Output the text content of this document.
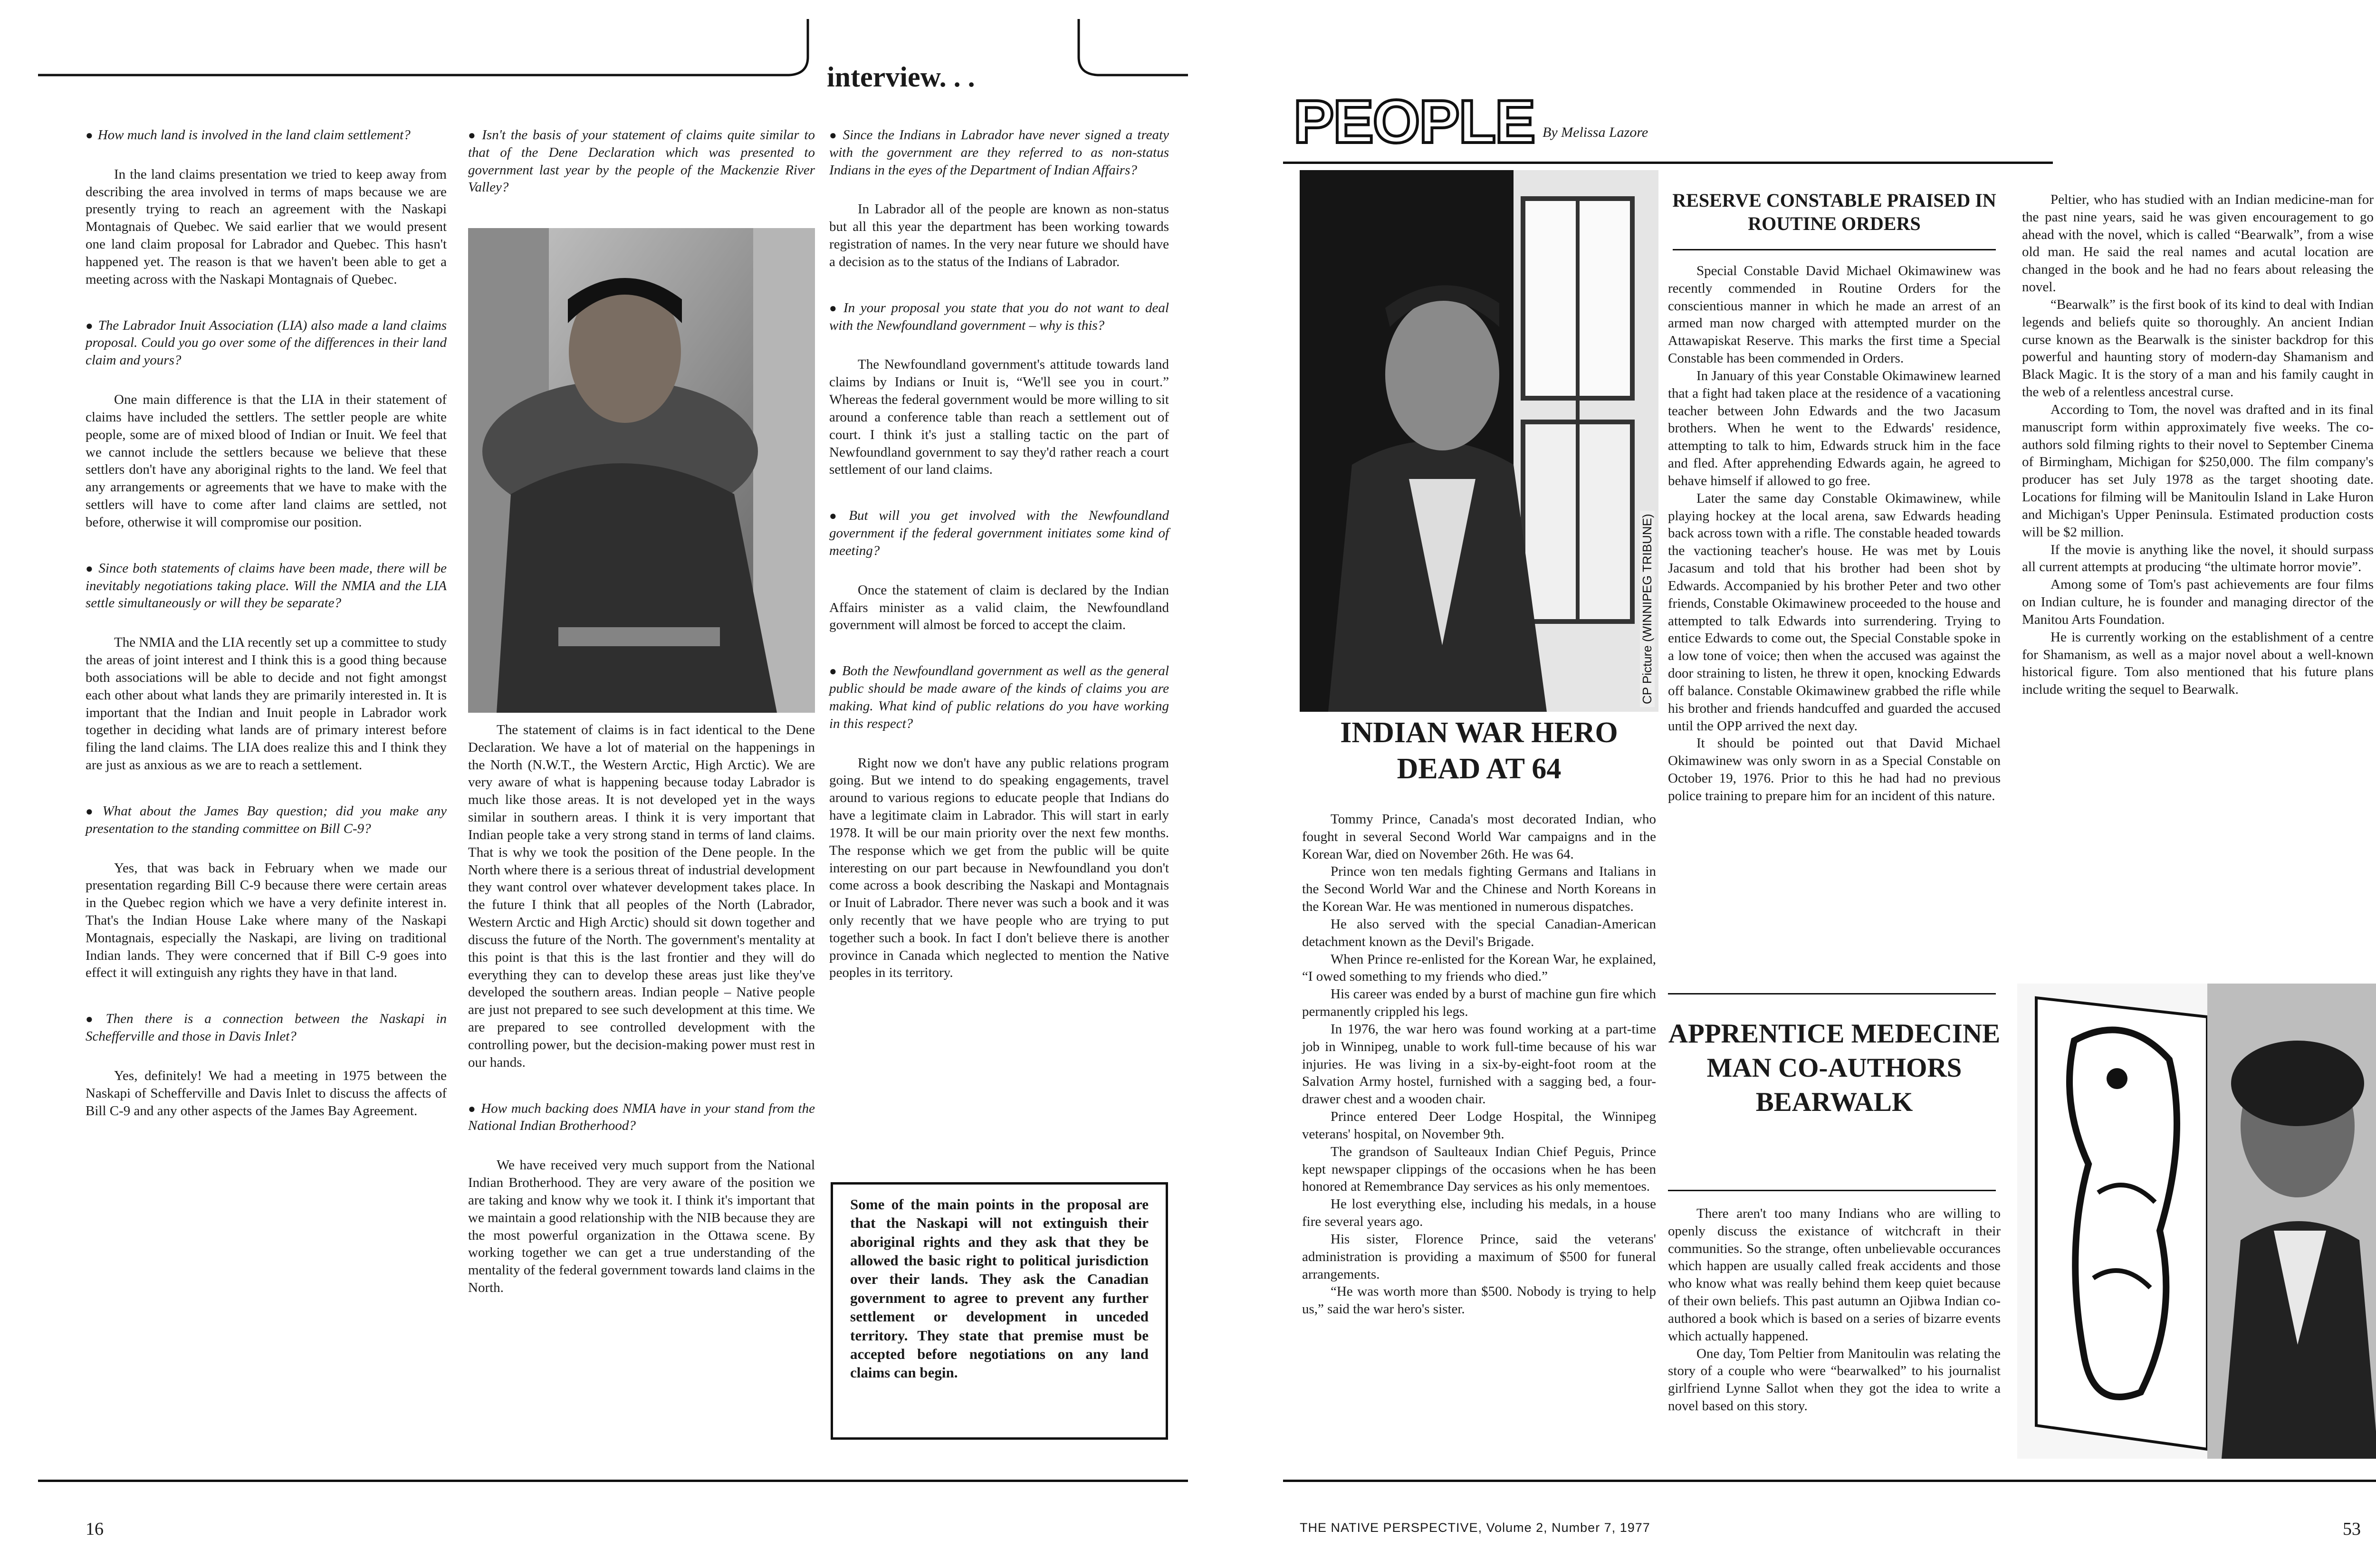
interview. . .

● How much land is involved in the land claim settlement?

In the land claims presentation we tried to keep away from describing the area involved in terms of maps because we are presently trying to reach an agreement with the Naskapi Montagnais of Quebec. We said earlier that we would present one land claim proposal for Labrador and Quebec. This hasn't happened yet. The reason is that we haven't been able to get a meeting across with the Naskapi Montagnais of Quebec.

● The Labrador Inuit Association (LIA) also made a land claims proposal. Could you go over some of the differences in their land claim and yours?

One main difference is that the LIA in their statement of claims have included the settlers. The settler people are white people, some are of mixed blood of Indian or Inuit. We feel that we cannot include the settlers because we believe that these settlers don't have any aboriginal rights to the land. We feel that any arrangements or agreements that we have to make with the settlers will have to come after land claims are settled, not before, otherwise it will compromise our position.

● Since both statements of claims have been made, there will be inevitably negotiations taking place. Will the NMIA and the LIA settle simultaneously or will they be separate?

The NMIA and the LIA recently set up a committee to study the areas of joint interest and I think this is a good thing because both associations will be able to decide and not fight amongst each other about what lands they are primarily interested in. It is important that the Indian and Inuit people in Labrador work together in deciding what lands are of primary interest before filing the land claims. The LIA does realize this and I think they are just as anxious as we are to reach a settlement.

● What about the James Bay question; did you make any presentation to the standing committee on Bill C-9?

Yes, that was back in February when we made our presentation regarding Bill C-9 because there were certain areas in the Quebec region which we have a very definite interest in. That's the Indian House Lake where many of the Naskapi Montagnais, especially the Naskapi, are living on traditional Indian lands. They were concerned that if Bill C-9 goes into effect it will extinguish any rights they have in that land.

● Then there is a connection between the Naskapi in Schefferville and those in Davis Inlet?

Yes, definitely! We had a meeting in 1975 between the Naskapi of Schefferville and Davis Inlet to discuss the affects of Bill C-9 and any other aspects of the James Bay Agreement.

● Isn't the basis of your statement of claims quite similar to that of the Dene Declaration which was presented to government last year by the people of the Mackenzie River Valley?

The statement of claims is in fact identical to the Dene Declaration. We have a lot of material on the happenings in the North (N.W.T., the Western Arctic, High Arctic). We are very aware of what is happening because today Labrador is much like those areas. It is not developed yet in the ways similar in southern areas. I think it is very important that Indian people take a very strong stand in terms of land claims. That is why we took the position of the Dene people. In the North where there is a serious threat of industrial development they want control over whatever development takes place. In the future I think that all peoples of the North (Labrador, Western Arctic and High Arctic) should sit down together and discuss the future of the North. The government's mentality at this point is that this is the last frontier and they will do everything they can to develop these areas just like they've developed the southern areas. Indian people – Native people are just not prepared to see such development at this time. We are prepared to see controlled development with the controlling power, but the decision-making power must rest in our hands.

● How much backing does NMIA have in your stand from the National Indian Brotherhood?

We have received very much support from the National Indian Brotherhood. They are very aware of the position we are taking and know why we took it. I think it's important that we maintain a good relationship with the NIB because they are the most powerful organization in the Ottawa scene. By working together we can get a true understanding of the mentality of the federal government towards land claims in the North.

● Since the Indians in Labrador have never signed a treaty with the government are they referred to as non-status Indians in the eyes of the Department of Indian Affairs?

In Labrador all of the people are known as non-status but all this year the department has been working towards registration of names. In the very near future we should have a decision as to the status of the Indians of Labrador.

● In your proposal you state that you do not want to deal with the Newfoundland government – why is this?

The Newfoundland government's attitude towards land claims by Indians or Inuit is, “We'll see you in court.” Whereas the federal government would be more willing to sit around a conference table than reach a settlement out of court. I think it's just a stalling tactic on the part of Newfoundland government to say they'd rather reach a court settlement of our land claims.

● But will you get involved with the Newfoundland government if the federal government initiates some kind of meeting?

Once the statement of claim is declared by the Indian Affairs minister as a valid claim, the Newfoundland government will almost be forced to accept the claim.

● Both the Newfoundland government as well as the general public should be made aware of the kinds of claims you are making. What kind of public relations do you have working in this respect?

Right now we don't have any public relations program going. But we intend to do speaking engagements, travel around to various regions to educate people that Indians do have a legitimate claim in Labrador. This will start in early 1978. It will be our main priority over the next few months. The response which we get from the public will be quite interesting on our part because in Newfoundland you don't come across a book describing the Naskapi and Montagnais or Inuit of Labrador. There never was such a book and it was only recently that we have people who are trying to put together such a book. In fact I don't believe there is another province in Canada which neglected to mention the Native peoples in its territory.

Some of the main points in the proposal are that the Naskapi will not extinguish their aboriginal rights and they ask that they be allowed the basic right to political jurisdiction over their lands. They ask the Canadian government to agree to prevent any further settlement or development in unceded territory. They state that premise must be accepted before negotiations on any land claims can begin.
16
PEOPLE By Melissa Lazore
CP Picture (WINNIPEG TRIBUNE)
INDIAN WAR HERO DEAD AT 64

Tommy Prince, Canada's most decorated Indian, who fought in several Second World War campaigns and in the Korean War, died on November 26th. He was 64.

Prince won ten medals fighting Germans and Italians in the Second World War and the Chinese and North Koreans in the Korean War. He was mentioned in numerous dispatches.

He also served with the special Canadian-American detachment known as the Devil's Brigade.

When Prince re-enlisted for the Korean War, he explained, “I owed something to my friends who died.”

His career was ended by a burst of machine gun fire which permanently crippled his legs.

In 1976, the war hero was found working at a part-time job in Winnipeg, unable to work full-time because of his war injuries. He was living in a six-by-eight-foot room at the Salvation Army hostel, furnished with a sagging bed, a four-drawer chest and a wooden chair.

Prince entered Deer Lodge Hospital, the Winnipeg veterans' hospital, on November 9th.

The grandson of Saulteaux Indian Chief Peguis, Prince kept newspaper clippings of the occasions when he has been honored at Remembrance Day services as his only mementoes.

He lost everything else, including his medals, in a house fire several years ago.

His sister, Florence Prince, said the veterans' administration is providing a maximum of $500 for funeral arrangements.

“He was worth more than $500. Nobody is trying to help us,” said the war hero's sister.

RESERVE CONSTABLE PRAISED IN ROUTINE ORDERS

Special Constable David Michael Okimawinew was recently commended in Routine Orders for the conscientious manner in which he made an arrest of an armed man now charged with attempted murder on the Attawapiskat Reserve. This marks the first time a Special Constable has been commended in Orders.

In January of this year Constable Okimawinew learned that a fight had taken place at the residence of a vacationing teacher between John Edwards and the two Jacasum brothers. When he went to the Edwards' residence, attempting to talk to him, Edwards struck him in the face and fled. After apprehending Edwards again, he agreed to behave himself if allowed to go free.

Later the same day Constable Okimawinew, while playing hockey at the local arena, saw Edwards heading back across town with a rifle. The constable headed towards the vactioning teacher's house. He was met by Louis Jacasum and told that his brother had been shot by Edwards. Accompanied by his brother Peter and two other friends, Constable Okimawinew proceeded to the house and attempted to talk Edwards into surrendering. Trying to entice Edwards to come out, the Special Constable spoke in a low tone of voice; then when the accused was against the door straining to listen, he threw it open, knocking Edwards off balance. Constable Okimawinew grabbed the rifle while his brother and friends handcuffed and guarded the accused until the OPP arrived the next day.

It should be pointed out that David Michael Okimawinew was only sworn in as a Special Constable on October 19, 1976. Prior to this he had had no previous police training to prepare him for an incident of this nature.

APPRENTICE MEDECINE MAN CO-AUTHORS BEARWALK

There aren't too many Indians who are willing to openly discuss the existance of witchcraft in their communities. So the strange, often unbelievable occurances which happen are usually called freak accidents and those who know what was really behind them keep quiet because of their own beliefs. This past autumn an Ojibwa Indian co-authored a book which is based on a series of bizarre events which actually happened.

One day, Tom Peltier from Manitoulin was relating the story of a couple who were “bearwalked” to his journalist girlfriend Lynne Sallot when they got the idea to write a novel based on this story.

Peltier, who has studied with an Indian medicine-man for the past nine years, said he was given encouragement to go ahead with the novel, which is called “Bearwalk”, from a wise old man. He said the real names and acutal location are changed in the book and he had no fears about releasing the novel.

“Bearwalk” is the first book of its kind to deal with Indian legends and beliefs quite so thoroughly. An ancient Indian curse known as the Bearwalk is the sinister backdrop for this powerful and haunting story of modern-day Shamanism and Black Magic. It is the story of a man and his family caught in the web of a relentless ancestral curse.

According to Tom, the novel was drafted and in its final manuscript form within approximately five weeks. The co-authors sold filming rights to their novel to September Cinema of Birmingham, Michigan for $250,000. The film company's producer has set July 1978 as the target shooting date. Locations for filming will be Manitoulin Island in Lake Huron and Michigan's Upper Peninsula. Estimated production costs will be $2 million.

If the movie is anything like the novel, it should surpass all current attempts at producing “the ultimate horror movie”.

Among some of Tom's past achievements are four films on Indian culture, he is founder and managing director of the Manitou Arts Foundation.

He is currently working on the establishment of a centre for Shamanism, as well as a major novel about a well-known historical figure. Tom also mentioned that his future plans include writing the sequel to Bearwalk.

THE NATIVE PERSPECTIVE, Volume 2, Number 7, 1977	53
